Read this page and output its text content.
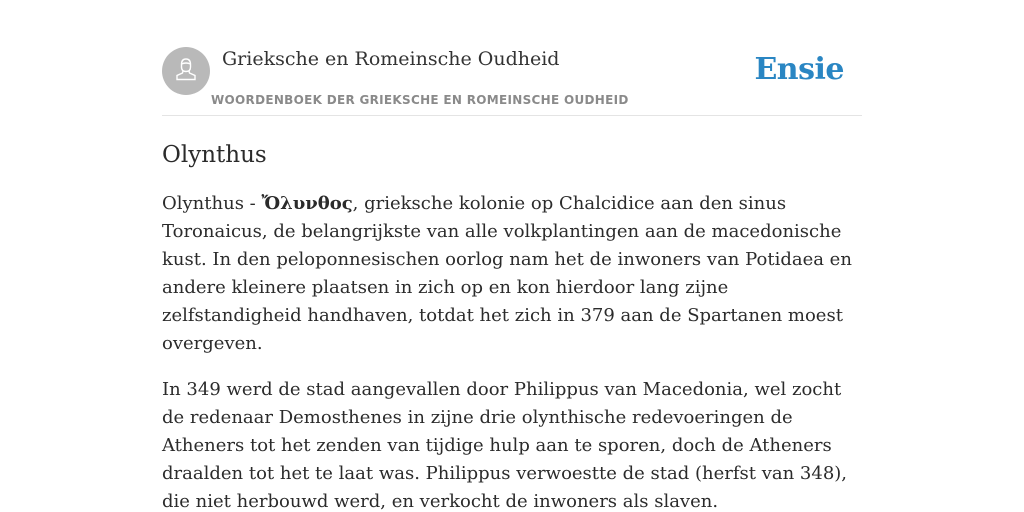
Grieksche en Romeinsche Oudheid
WOORDENBOEK DER GRIEKSCHE EN ROMEINSCHE OUDHEID
Ensie
Olynthus

Olynthus - Ὄλυνθος, grieksche kolonie op Chalcidice aan den sinus Toronaicus, de belangrijkste van alle volkplantingen aan de macedonische kust. In den peloponnesischen oorlog nam het de inwoners van Potidaea en andere kleinere plaatsen in zich op en kon hierdoor lang zijne zelfstandigheid handhaven, totdat het zich in 379 aan de Spartanen moest overgeven.

In 349 werd de stad aangevallen door Philippus van Macedonia, wel zocht de redenaar Demosthenes in zijne drie olynthische redevoeringen de Atheners tot het zenden van tijdige hulp aan te sporen, doch de Atheners draalden tot het te laat was. Philippus verwoestte de stad (herfst van 348), die niet herbouwd werd, en verkocht de inwoners als slaven.
